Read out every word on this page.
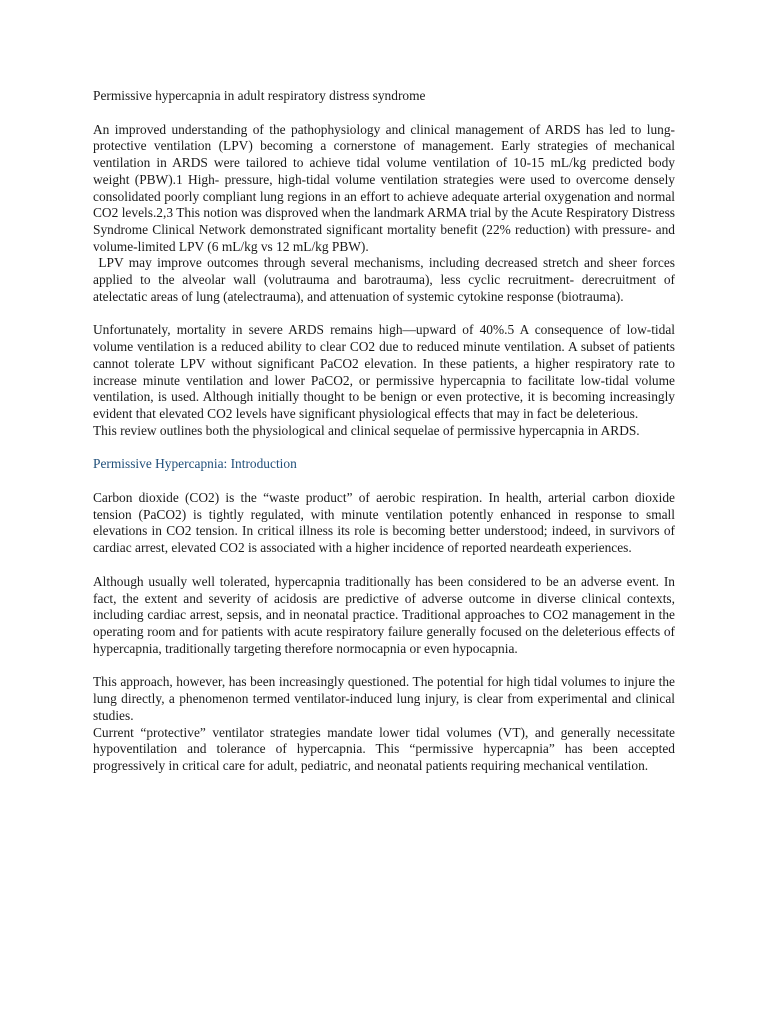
Permissive hypercapnia in adult respiratory distress syndrome

An improved understanding of the pathophysiology and clinical management of ARDS has led to lung-protective ventilation (LPV) becoming a cornerstone of management. Early strategies of mechanical ventilation in ARDS were tailored to achieve tidal volume ventilation of 10-15 mL/kg predicted body weight (PBW).1 High- pressure, high-tidal volume ventilation strategies were used to overcome densely consolidated poorly compliant lung regions in an effort to achieve adequate arterial oxygenation and normal CO2 levels.2,3 This notion was disproved when the landmark ARMA trial by the Acute Respiratory Distress Syndrome Clinical Network demonstrated significant mortality benefit (22% reduction) with pressure- and volume-limited LPV (6 mL/kg vs 12 mL/kg PBW).

LPV may improve outcomes through several mechanisms, including decreased stretch and sheer forces applied to the alveolar wall (volutrauma and barotrauma), less cyclic recruitment- derecruitment of atelectatic areas of lung (atelectrauma), and attenuation of systemic cytokine response (biotrauma).

Unfortunately, mortality in severe ARDS remains high—upward of 40%.5 A consequence of low-tidal volume ventilation is a reduced ability to clear CO2 due to reduced minute ventilation. A subset of patients cannot tolerate LPV without significant PaCO2 elevation. In these patients, a higher respiratory rate to increase minute ventilation and lower PaCO2, or permissive hypercapnia to facilitate low-tidal volume ventilation, is used. Although initially thought to be benign or even protective, it is becoming increasingly evident that elevated CO2 levels have significant physiological effects that may in fact be deleterious.

This review outlines both the physiological and clinical sequelae of permissive hypercapnia in ARDS.

Permissive Hypercapnia: Introduction

Carbon dioxide (CO2) is the “waste product” of aerobic respiration. In health, arterial carbon dioxide tension (PaCO2) is tightly regulated, with minute ventilation potently enhanced in response to small elevations in CO2 tension. In critical illness its role is becoming better understood; indeed, in survivors of cardiac arrest, elevated CO2 is associated with a higher incidence of reported neardeath experiences.

Although usually well tolerated, hypercapnia traditionally has been considered to be an adverse event. In fact, the extent and severity of acidosis are predictive of adverse outcome in diverse clinical contexts, including cardiac arrest, sepsis, and in neonatal practice. Traditional approaches to CO2 management in the operating room and for patients with acute respiratory failure generally focused on the deleterious effects of hypercapnia, traditionally targeting therefore normocapnia or even hypocapnia.

This approach, however, has been increasingly questioned. The potential for high tidal volumes to injure the lung directly, a phenomenon termed ventilator-induced lung injury, is clear from experimental and clinical studies.

Current “protective” ventilator strategies mandate lower tidal volumes (VT), and generally necessitate hypoventilation and tolerance of hypercapnia. This “permissive hypercapnia” has been accepted progressively in critical care for adult, pediatric, and neonatal patients requiring mechanical ventilation.
